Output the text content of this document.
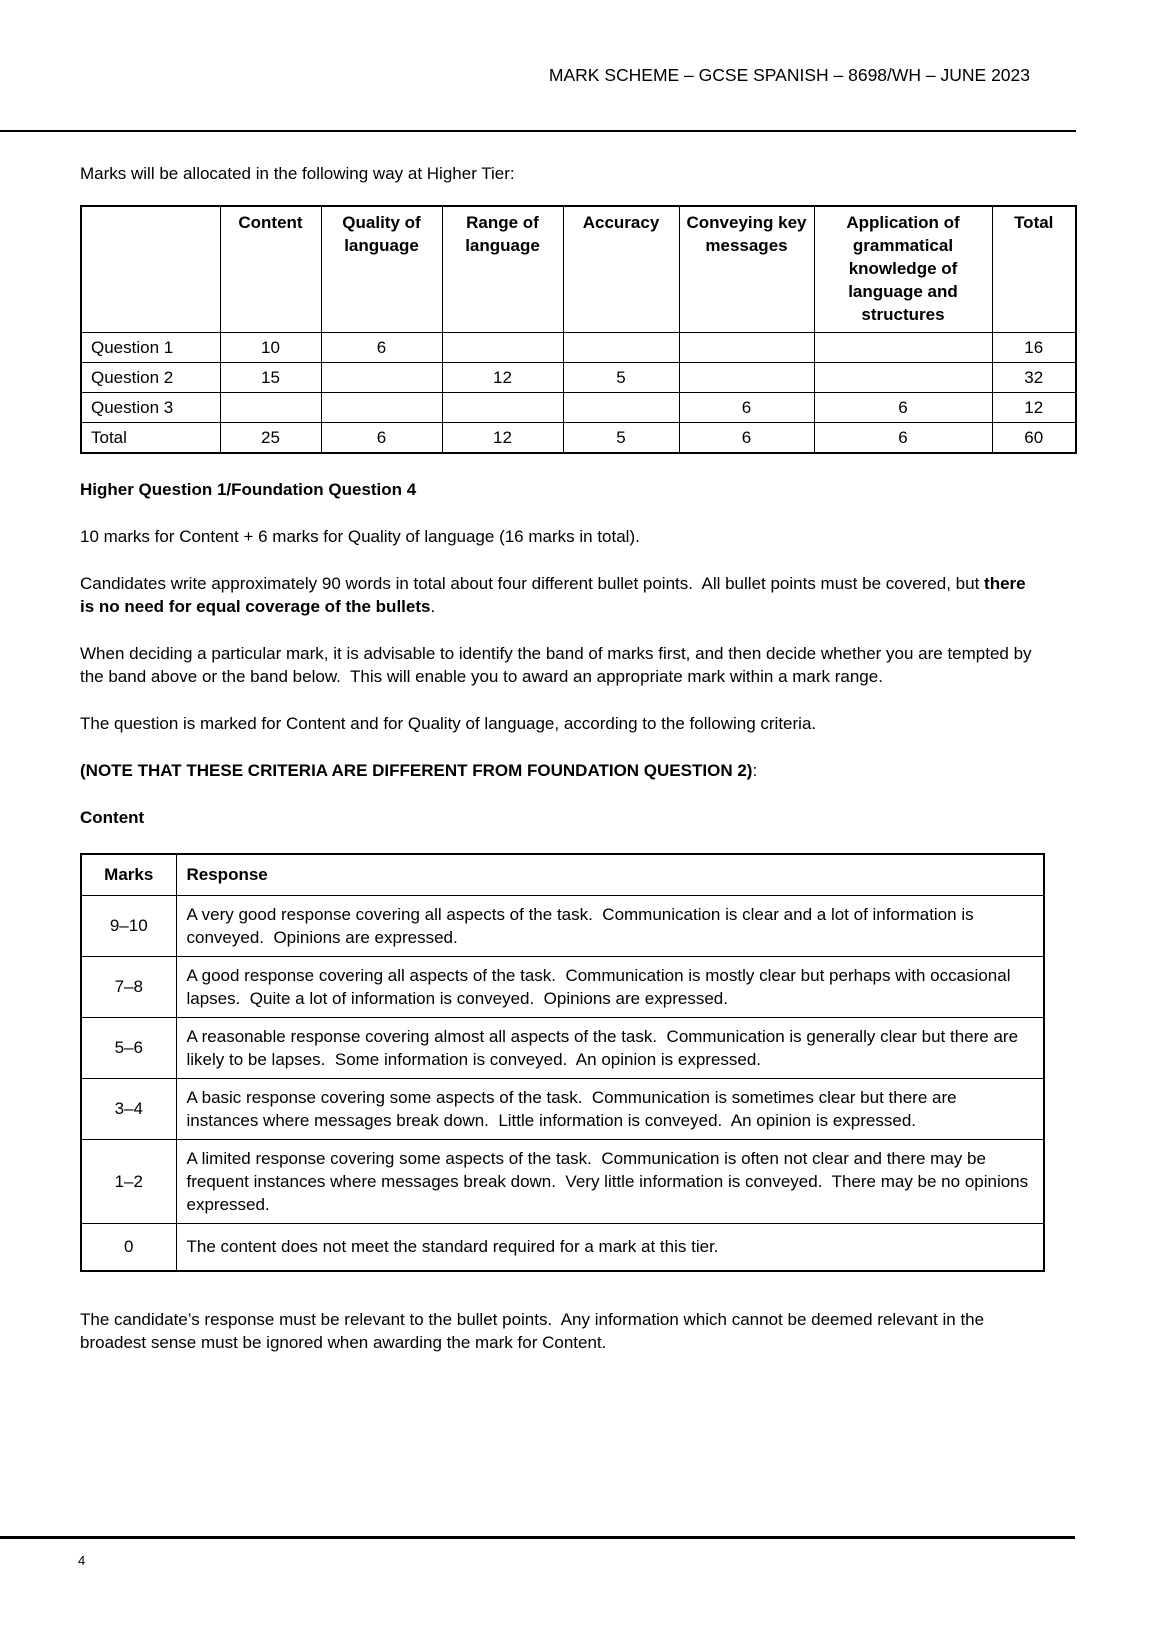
MARK SCHEME – GCSE SPANISH – 8698/WH – JUNE 2023

Marks will be allocated in the following way at Higher Tier:

	Content	Quality of language	Range of language	Accuracy	Conveying key messages	Application of grammatical knowledge of language and structures	Total
Question 1	10	6					16
Question 2	15		12	5			32
Question 3					6	6	12
Total	25	6	12	5	6	6	60
Higher Question 1/Foundation Question 4

10 marks for Content + 6 marks for Quality of language (16 marks in total).

Candidates write approximately 90 words in total about four different bullet points.  All bullet points must be covered, but there is no need for equal coverage of the bullets.

When deciding a particular mark, it is advisable to identify the band of marks first, and then decide whether you are tempted by the band above or the band below.  This will enable you to award an appropriate mark within a mark range.

The question is marked for Content and for Quality of language, according to the following criteria.

(NOTE THAT THESE CRITERIA ARE DIFFERENT FROM FOUNDATION QUESTION 2):

Content
Marks	Response
9–10	A very good response covering all aspects of the task.  Communication is clear and a lot of information is conveyed.  Opinions are expressed.
7–8	A good response covering all aspects of the task.  Communication is mostly clear but perhaps with occasional lapses.  Quite a lot of information is conveyed.  Opinions are expressed.
5–6	A reasonable response covering almost all aspects of the task.  Communication is generally clear but there are likely to be lapses.  Some information is conveyed.  An opinion is expressed.
3–4	A basic response covering some aspects of the task.  Communication is sometimes clear but there are instances where messages break down.  Little information is conveyed.  An opinion is expressed.
1–2	A limited response covering some aspects of the task.  Communication is often not clear and there may be frequent instances where messages break down.  Very little information is conveyed.  There may be no opinions expressed.
0	The content does not meet the standard required for a mark at this tier.

The candidate’s response must be relevant to the bullet points.  Any information which cannot be deemed relevant in the broadest sense must be ignored when awarding the mark for Content.

4
